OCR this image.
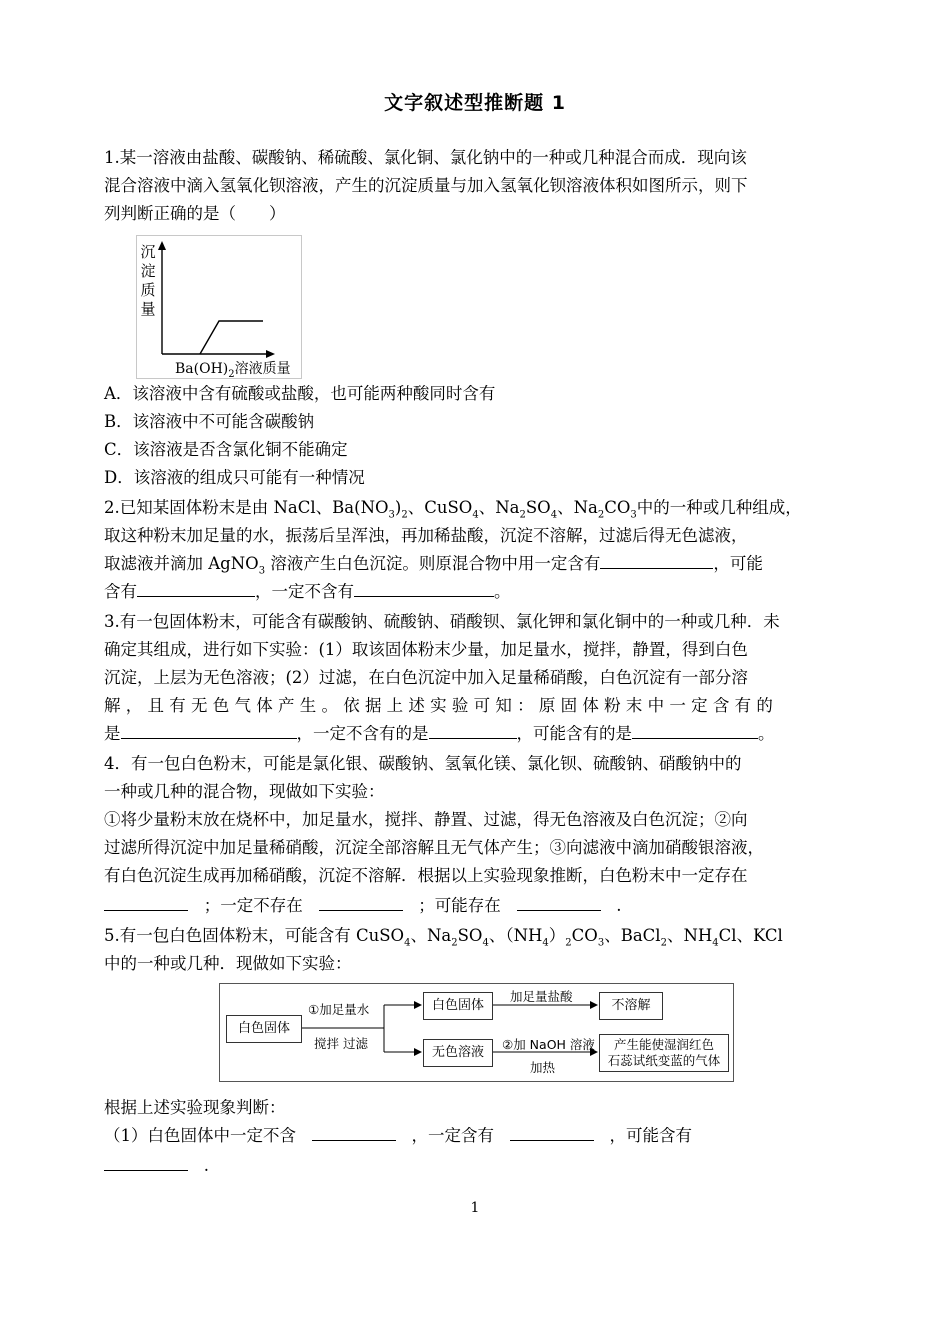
文字叙述型推断题 1
1.某一溶液由盐酸、碳酸钠、稀硫酸、氯化铜、氯化钠中的一种或几种混合而成．现向该
混合溶液中滴入氢氧化钡溶液，产生的沉淀质量与加入氢氧化钡溶液体积如图所示，则下
列判断正确的是（　　）
沉
淀
质
量
$Ba(OH)_2$溶液质量
A．该溶液中含有硫酸或盐酸，也可能两种酸同时含有
B．该溶液中不可能含碳酸钠
C．该溶液是否含氯化铜不能确定
D．该溶液的组成只可能有一种情况
2.已知某固体粉末是由 NaCl、$Ba(NO_3)_2$、CuSO$_4$、$Na_2SO_4$、$Na_2CO_3$中的一种或几种组成，
取这种粉末加足量的水，振荡后呈浑浊，再加稀盐酸，沉淀不溶解，过滤后得无色滤液，
取滤液并滴加 AgNO$_3$ 溶液产生白色沉淀。则原混合物中用一定含有	，可能
含有	，一定不含有	。
3.有一包固体粉末，可能含有碳酸钠、硫酸钠、硝酸钡、氯化钾和氯化铜中的一种或几种．未
确定其组成，进行如下实验：(1）取该固体粉末少量，加足量水，搅拌，静置，得到白色
沉淀，上层为无色溶液；(2）过滤，在白色沉淀中加入足量稀硝酸，白色沉淀有一部分溶
解 ， 且 有 无 色 气 体 产 生 。 依 据 上 述 实 验 可 知 ： 原 固 体 粉 末 中 一 定 含 有 的
是	，一定不含有的是	，可能含有的是	。
4．有一包白色粉末，可能是氯化银、碳酸钠、氢氧化镁、氯化钡、硫酸钠、硝酸钠中的
一种或几种的混合物，现做如下实验：
①将少量粉末放在烧杯中，加足量水，搅拌、静置、过滤，得无色溶液及白色沉淀；②向
过滤所得沉淀中加足量稀硝酸，沉淀全部溶解且无气体产生；③向滤液中滴加硝酸银溶液，
有白色沉淀生成再加稀硝酸，沉淀不溶解．根据以上实验现象推断，白色粉末中一定存在
；一定不存在	；可能存在	.
5.有一包白色固体粉末，可能含有 CuSO$_4$、$Na_2SO_4$、$(NH_4)_2CO_3$、BaCl$_2$、$NH_4Cl$、KCl
中的一种或几种．现做如下实验：
白色固体
①加足量水
搅拌 过滤
白色固体
加足量盐酸
不溶解
无色溶液
②加 NaOH 溶液
加热
产生能使湿润红色
石蕊试纸变蓝的气体
根据上述实验现象判断：
（1）白色固体中一定不含	，一定含有	，可能含有
.
1
